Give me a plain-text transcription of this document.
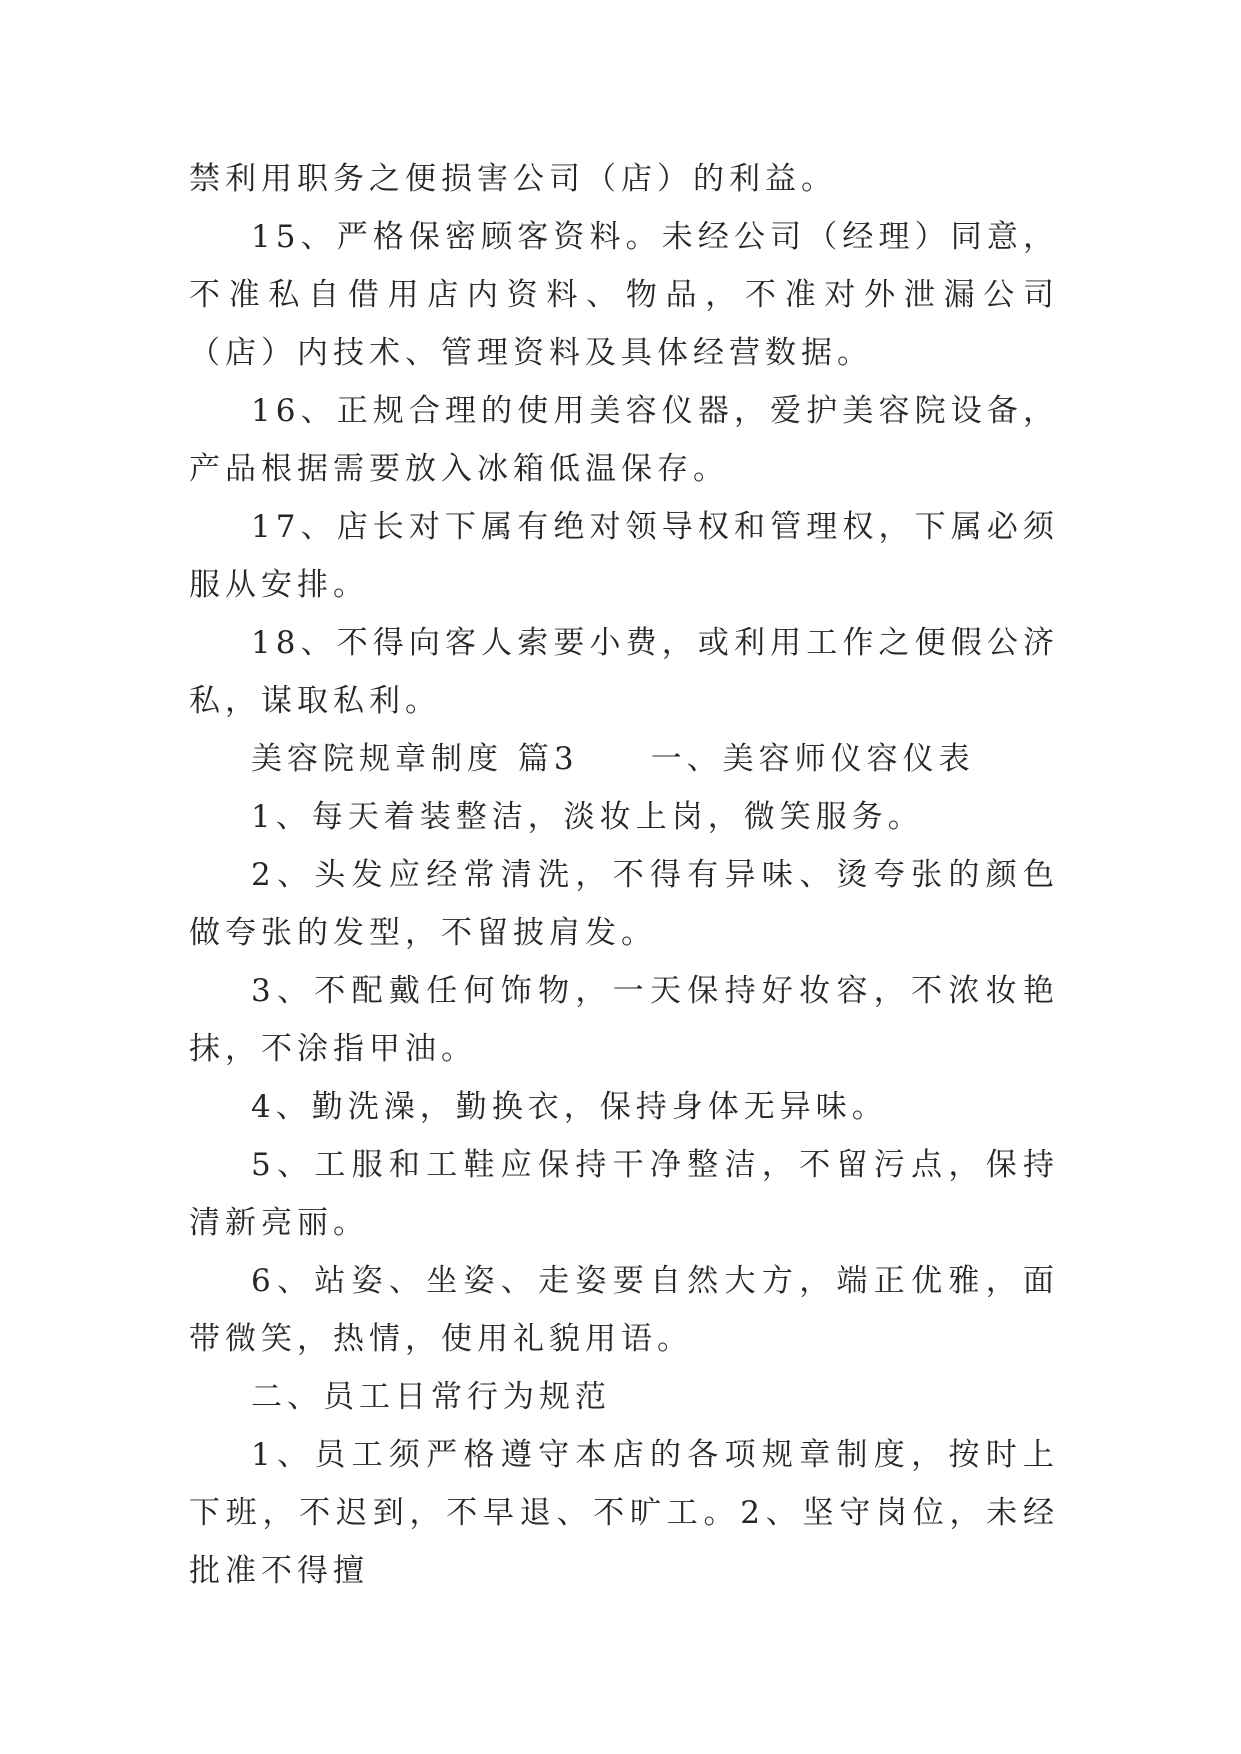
禁利用职务之便损害公司（店）的利益。

15、严格保密顾客资料。未经公司（经理）同意，不准私自借用店内资料、物品，不准对外泄漏公司（店）内技术、管理资料及具体经营数据。

16、正规合理的使用美容仪器，爱护美容院设备，产品根据需要放入冰箱低温保存。

17、店长对下属有绝对领导权和管理权，下属必须服从安排。

18、不得向客人索要小费，或利用工作之便假公济私，谋取私利。

美容院规章制度 篇3　　一、美容师仪容仪表

1、每天着装整洁，淡妆上岗，微笑服务。

2、头发应经常清洗，不得有异味、烫夸张的颜色做夸张的发型，不留披肩发。

3、不配戴任何饰物，一天保持好妆容，不浓妆艳抹，不涂指甲油。

4、勤洗澡，勤换衣，保持身体无异味。

5、工服和工鞋应保持干净整洁，不留污点，保持清新亮丽。

6、站姿、坐姿、走姿要自然大方，端正优雅，面带微笑，热情，使用礼貌用语。

二、员工日常行为规范

1、员工须严格遵守本店的各项规章制度，按时上下班，不迟到，不早退、不旷工。2、坚守岗位，未经批准不得擅
